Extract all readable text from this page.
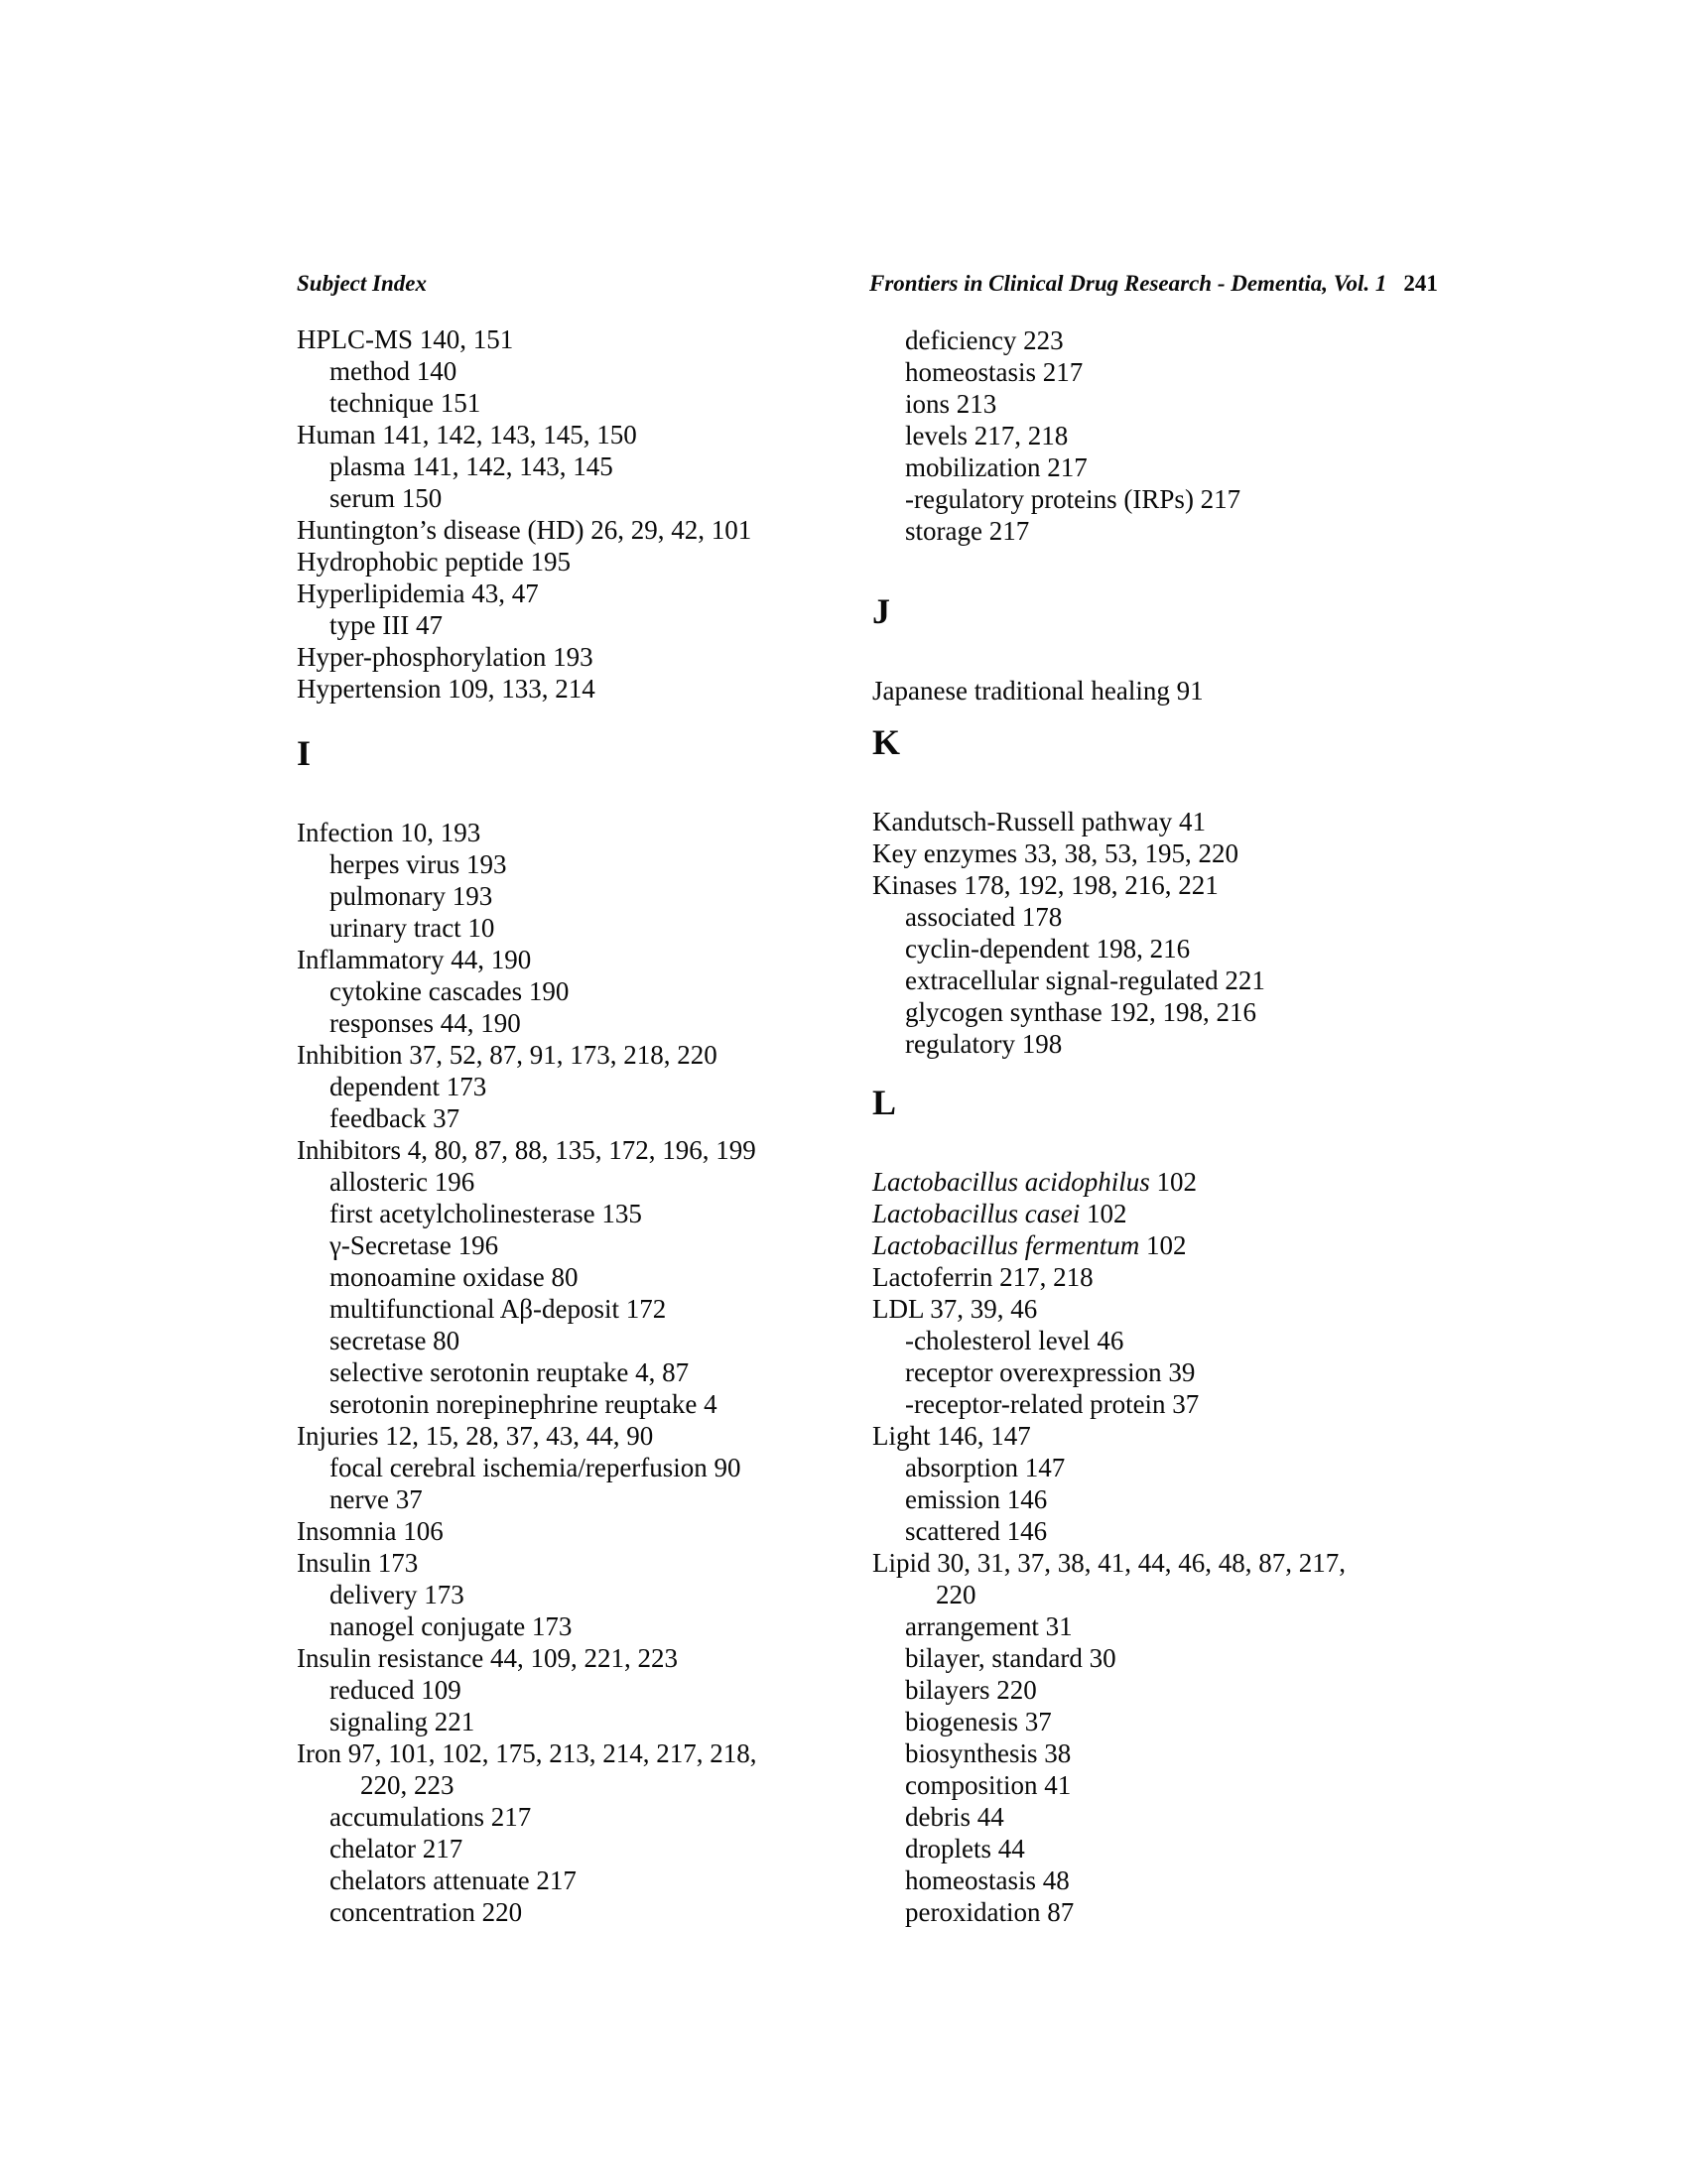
Subject Index	Frontiers in Clinical Drug Research - Dementia, Vol. 1 241
HPLC-MS 140, 151
method 140
technique 151
Human 141, 142, 143, 145, 150
plasma 141, 142, 143, 145
serum 150
Huntington’s disease (HD) 26, 29, 42, 101
Hydrophobic peptide 195
Hyperlipidemia 43, 47
type III 47
Hyper-phosphorylation 193
Hypertension 109, 133, 214
I
Infection 10, 193
herpes virus 193
pulmonary 193
urinary tract 10
Inflammatory 44, 190
cytokine cascades 190
responses 44, 190
Inhibition 37, 52, 87, 91, 173, 218, 220
dependent 173
feedback 37
Inhibitors 4, 80, 87, 88, 135, 172, 196, 199
allosteric 196
first acetylcholinesterase 135
γ-Secretase 196
monoamine oxidase 80
multifunctional Aβ-deposit 172
secretase 80
selective serotonin reuptake 4, 87
serotonin norepinephrine reuptake 4
Injuries 12, 15, 28, 37, 43, 44, 90
focal cerebral ischemia/reperfusion 90
nerve 37
Insomnia 106
Insulin 173
delivery 173
nanogel conjugate 173
Insulin resistance 44, 109, 221, 223
reduced 109
signaling 221
Iron 97, 101, 102, 175, 213, 214, 217, 218,
220, 223
accumulations 217
chelator 217
chelators attenuate 217
concentration 220
deficiency 223
homeostasis 217
ions 213
levels 217, 218
mobilization 217
-regulatory proteins (IRPs) 217
storage 217
J
Japanese traditional healing 91
K
Kandutsch-Russell pathway 41
Key enzymes 33, 38, 53, 195, 220
Kinases 178, 192, 198, 216, 221
associated 178
cyclin-dependent 198, 216
extracellular signal-regulated 221
glycogen synthase 192, 198, 216
regulatory 198
L
Lactobacillus acidophilus 102
Lactobacillus casei 102
Lactobacillus fermentum 102
Lactoferrin 217, 218
LDL 37, 39, 46
-cholesterol level 46
receptor overexpression 39
-receptor-related protein 37
Light 146, 147
absorption 147
emission 146
scattered 146
Lipid 30, 31, 37, 38, 41, 44, 46, 48, 87, 217,
220
arrangement 31
bilayer, standard 30
bilayers 220
biogenesis 37
biosynthesis 38
composition 41
debris 44
droplets 44
homeostasis 48
peroxidation 87
